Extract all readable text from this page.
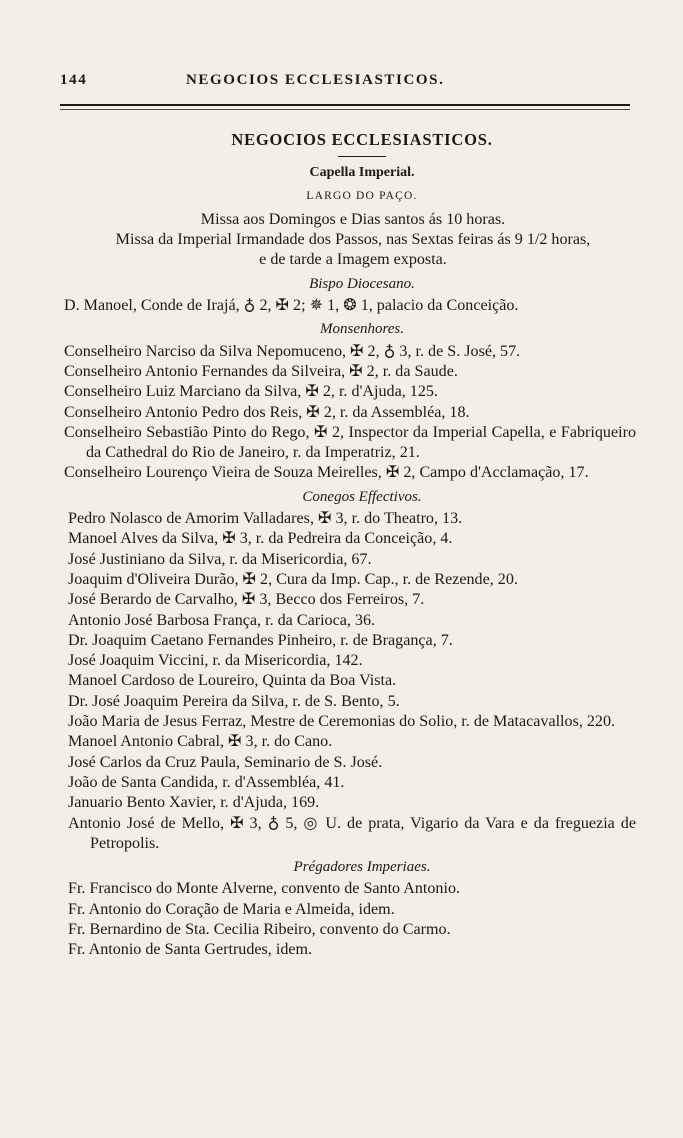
144	NEGOCIOS ECCLESIASTICOS.
NEGOCIOS ECCLESIASTICOS.
Capella Imperial.
LARGO DO PAÇO.
Missa aos Domingos e Dias santos ás 10 horas.
Missa da Imperial Irmandade dos Passos, nas Sextas feiras ás 9 1/2 horas,
e de tarde a Imagem exposta.
Bispo Diocesano.

D. Manoel, Conde de Irajá, ♁ 2, ✠ 2; ✵ 1, ❂ 1, palacio da Conceição.

Monsenhores.

Conselheiro Narciso da Silva Nepomuceno, ✠ 2, ♁ 3, r. de S. José, 57.

Conselheiro Antonio Fernandes da Silveira, ✠ 2, r. da Saude.

Conselheiro Luiz Marciano da Silva, ✠ 2, r. d'Ajuda, 125.

Conselheiro Antonio Pedro dos Reis, ✠ 2, r. da Assembléa, 18.

Conselheiro Sebastião Pinto do Rego, ✠ 2, Inspector da Imperial Capella, e Fabriqueiro da Cathedral do Rio de Janeiro, r. da Imperatriz, 21.

Conselheiro Lourenço Vieira de Souza Meirelles, ✠ 2, Campo d'Acclamação, 17.

Conegos Effectivos.

Pedro Nolasco de Amorim Valladares, ✠ 3, r. do Theatro, 13.

Manoel Alves da Silva, ✠ 3, r. da Pedreira da Conceição, 4.

José Justiniano da Silva, r. da Misericordia, 67.

Joaquim d'Oliveira Durão, ✠ 2, Cura da Imp. Cap., r. de Rezende, 20.

José Berardo de Carvalho, ✠ 3, Becco dos Ferreiros, 7.

Antonio José Barbosa França, r. da Carioca, 36.

Dr. Joaquim Caetano Fernandes Pinheiro, r. de Bragança, 7.

José Joaquim Viccini, r. da Misericordia, 142.

Manoel Cardoso de Loureiro, Quinta da Boa Vista.

Dr. José Joaquim Pereira da Silva, r. de S. Bento, 5.

João Maria de Jesus Ferraz, Mestre de Ceremonias do Solio, r. de Matacavallos, 220.

Manoel Antonio Cabral, ✠ 3, r. do Cano.

José Carlos da Cruz Paula, Seminario de S. José.

João de Santa Candida, r. d'Assembléa, 41.

Januario Bento Xavier, r. d'Ajuda, 169.

Antonio José de Mello, ✠ 3, ♁ 5, ◎ U. de prata, Vigario da Vara e da freguezia de Petropolis.

Prégadores Imperiaes.

Fr. Francisco do Monte Alverne, convento de Santo Antonio.

Fr. Antonio do Coração de Maria e Almeida, idem.

Fr. Bernardino de Sta. Cecilia Ribeiro, convento do Carmo.

Fr. Antonio de Santa Gertrudes, idem.
